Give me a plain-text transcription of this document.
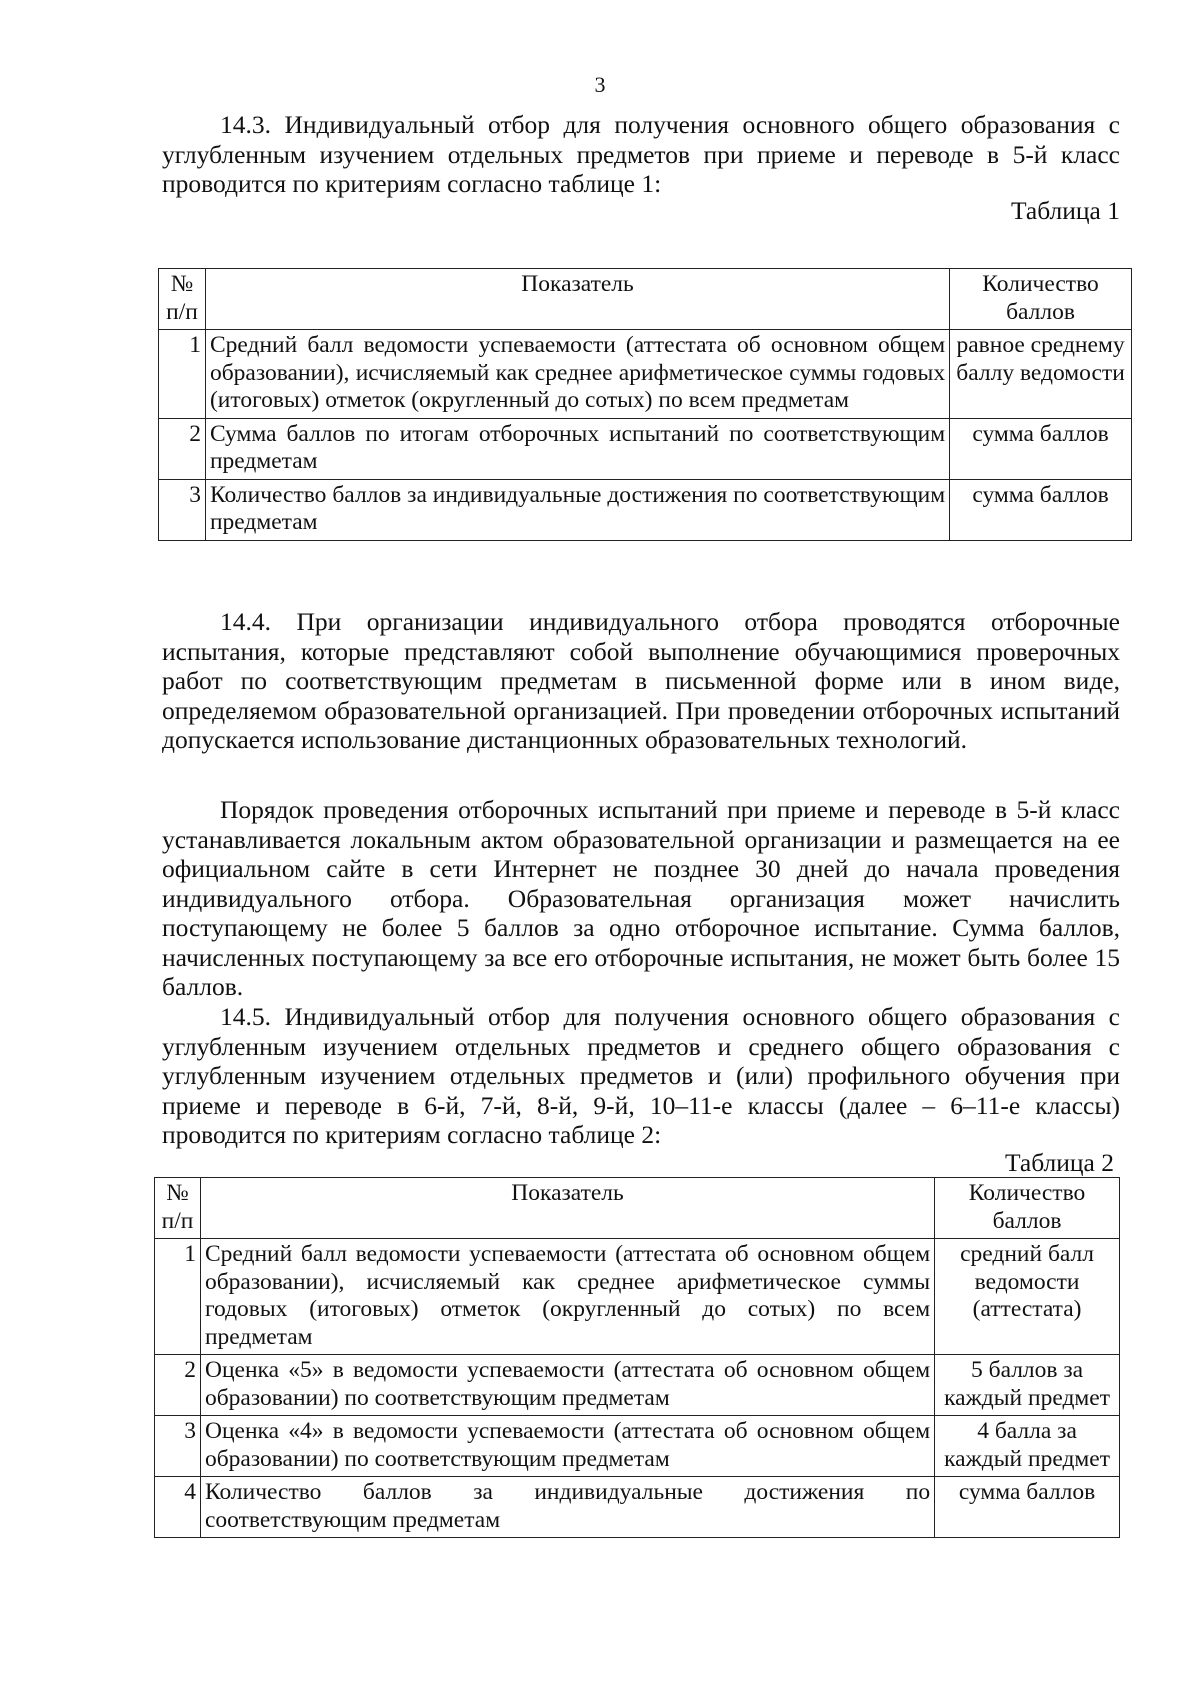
3

14.3. Индивидуальный отбор для получения основного общего образования с углубленным изучением отдельных предметов при приеме и переводе в 5-й класс проводится по критериям согласно таблице 1:

Таблица 1
№ п/п	Показатель	Количество баллов
1	Средний балл ведомости успеваемости (аттестата об основном общем образовании), исчисляемый как среднее арифметическое суммы годовых (итоговых) отметок (округленный до сотых) по всем предметам	равное среднему баллу ведомости
2	Сумма баллов по итогам отборочных испытаний по соответствующим предметам	сумма баллов
3	Количество баллов за индивидуальные достижения по соответствующим предметам	сумма баллов

14.4. При организации индивидуального отбора проводятся отборочные испытания, которые представляют собой выполнение обучающимися проверочных работ по соответствующим предметам в письменной форме или в ином виде, определяемом образовательной организацией. При проведении отборочных испытаний допускается использование дистанционных образовательных технологий.

Порядок проведения отборочных испытаний при приеме и переводе в 5-й класс устанавливается локальным актом образовательной организации и размещается на ее официальном сайте в сети Интернет не позднее 30 дней до начала проведения индивидуального отбора. Образовательная организация может начислить поступающему не более 5 баллов за одно отборочное испытание. Сумма баллов, начисленных поступающему за все его отборочные испытания, не может быть более 15 баллов.

14.5. Индивидуальный отбор для получения основного общего образования с углубленным изучением отдельных предметов и среднего общего образования с углубленным изучением отдельных предметов и (или) профильного обучения при приеме и переводе в 6-й, 7-й, 8-й, 9-й, 10–11-е классы (далее – 6–11-е классы) проводится по критериям согласно таблице 2:

Таблица 2
№ п/п	Показатель	Количество баллов
1	Средний балл ведомости успеваемости (аттестата об основном общем образовании), исчисляемый как среднее арифметическое суммы годовых (итоговых) отметок (округленный до сотых) по всем предметам	средний балл ведомости (аттестата)
2	Оценка «5» в ведомости успеваемости (аттестата об основном общем образовании) по соответствующим предметам	5 баллов за каждый предмет
3	Оценка «4» в ведомости успеваемости (аттестата об основном общем образовании) по соответствующим предметам	4 балла за каждый предмет
4	Количество баллов за индивидуальные достижения по соответствующим предметам	сумма баллов
